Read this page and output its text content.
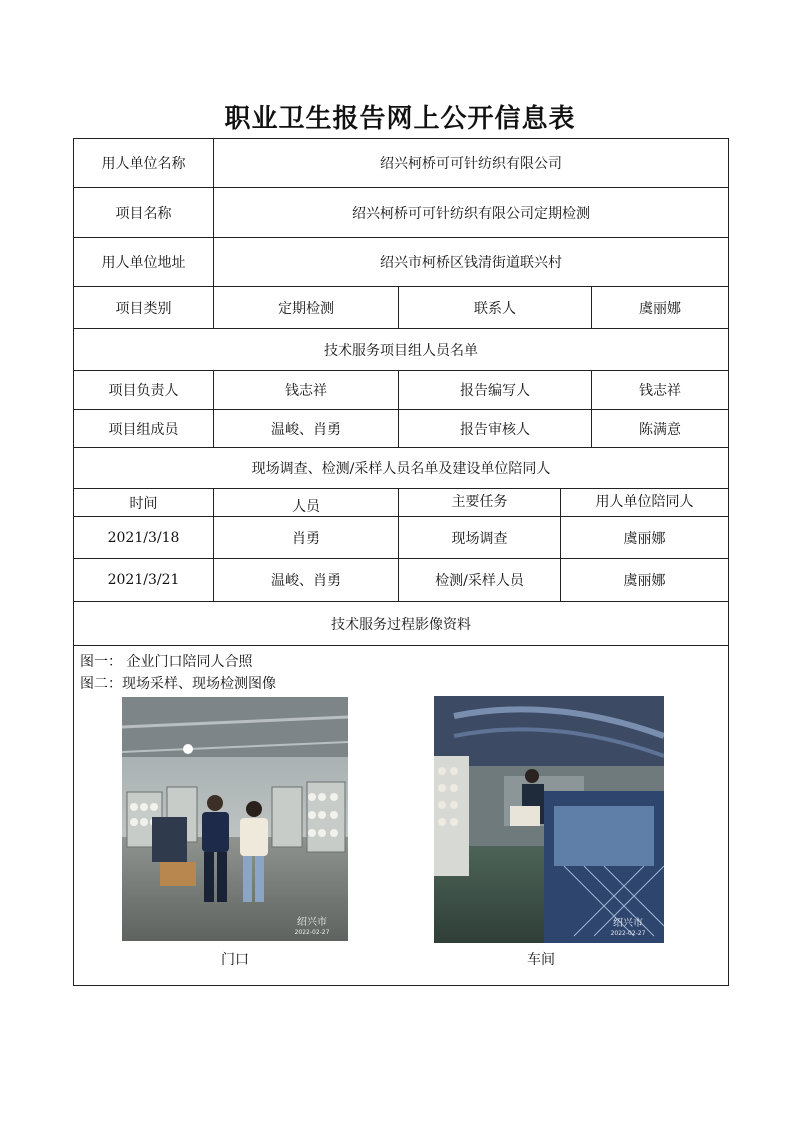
职业卫生报告网上公开信息表
用人单位名称	绍兴柯桥可可针纺织有限公司
项目名称	绍兴柯桥可可针纺织有限公司定期检测
用人单位地址	绍兴市柯桥区钱清街道联兴村
项目类别	定期检测	联系人	虞丽娜
技术服务项目组人员名单
项目负责人	钱志祥	报告编写人	钱志祥
项目组成员	温峻、肖勇	报告审核人	陈满意
现场调查、检测/采样人员名单及建设单位陪同人
时间	人员	主要任务	用人单位陪同人
2021/3/18	肖勇	现场调查	虞丽娜
2021/3/21	温峻、肖勇	检测/采样人员	虞丽娜
技术服务过程影像资料
图一： 企业门口陪同人合照
图二：现场采样、现场检测图像
绍兴市
2022-02-27
门口
绍兴市
2022-02-27
车间
